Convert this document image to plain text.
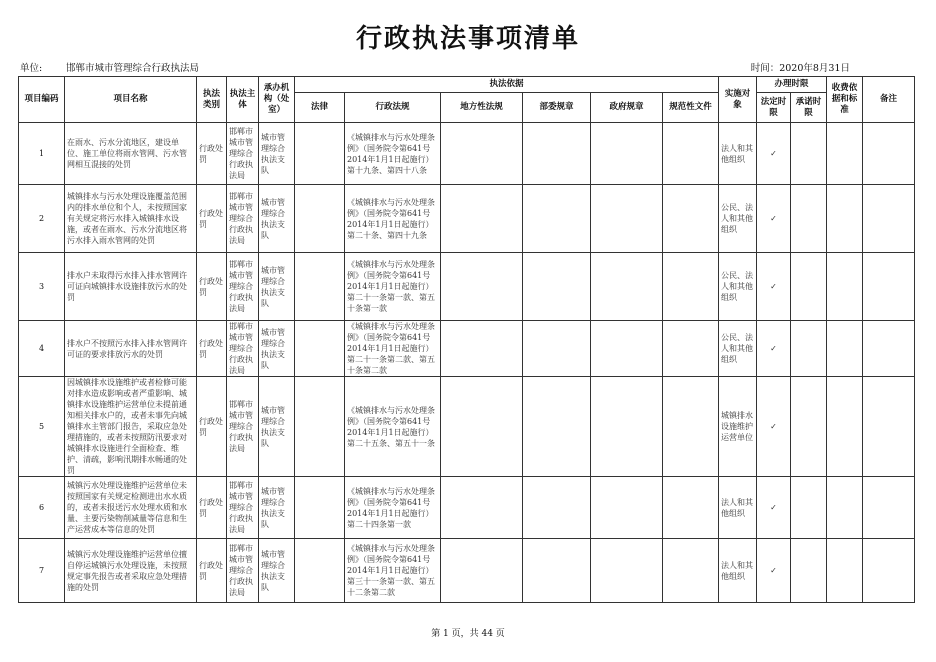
行政执法事项清单
单位:	邯郸市城市管理综合行政执法局	时间：2020年8月31日
项目编码	项目名称	执法类别	执法主体	承办机构（处室）	执法依据						实施对象	办理时限		收费依据和标准	备注
					法律	行政法规	地方性法规	部委规章	政府规章	规范性文件		法定时限	承诺时限		
1	在雨水、污水分流地区，建设单位、施工单位将雨水管网、污水管网相互混接的处罚	行政处罚	邯郸市城市管理综合行政执法局	城市管理综合执法支队		《城镇排水与污水处理条例》（国务院令第641号 2014年1月1日起施行）第十九条、第四十八条					法人和其他组织	✓			
2	城镇排水与污水处理设施覆盖范围内的排水单位和个人，未按照国家有关规定将污水排入城镇排水设施，或者在雨水、污水分流地区将污水排入雨水管网的处罚	行政处罚	邯郸市城市管理综合行政执法局	城市管理综合执法支队		《城镇排水与污水处理条例》（国务院令第641号 2014年1月1日起施行）第二十条、第四十九条					公民、法人和其他组织	✓			
3	排水户未取得污水排入排水管网许可证向城镇排水设施排放污水的处罚	行政处罚	邯郸市城市管理综合行政执法局	城市管理综合执法支队		《城镇排水与污水处理条例》（国务院令第641号 2014年1月1日起施行）第二十一条第一款、第五十条第一款					公民、法人和其他组织	✓			
4	排水户不按照污水排入排水管网许可证的要求排放污水的处罚	行政处罚	邯郸市城市管理综合行政执法局	城市管理综合执法支队		《城镇排水与污水处理条例》（国务院令第641号 2014年1月1日起施行）第二十一条第二款、第五十条第二款					公民、法人和其他组织	✓			
5	因城镇排水设施维护或者检修可能对排水造成影响或者严重影响、城镇排水设施维护运营单位未提前通知相关排水户的，或者未事先向城镇排水主管部门报告，采取应急处理措施的，或者未按照防汛要求对城镇排水设施进行全面检查、维护、清疏，影响汛期排水畅通的处罚	行政处罚	邯郸市城市管理综合行政执法局	城市管理综合执法支队		《城镇排水与污水处理条例》（国务院令第641号 2014年1月1日起施行）第二十五条、第五十一条					城镇排水设施维护运营单位	✓			
6	城镇污水处理设施维护运营单位未按照国家有关规定检测进出水水质的，或者未报送污水处理水质和水量、主要污染物削减量等信息和生产运营成本等信息的处罚	行政处罚	邯郸市城市管理综合行政执法局	城市管理综合执法支队		《城镇排水与污水处理条例》（国务院令第641号 2014年1月1日起施行）第二十四条第一款					法人和其他组织	✓			
7	城镇污水处理设施维护运营单位擅自停运城镇污水处理设施，未按照规定事先报告或者采取应急处理措施的处罚	行政处罚	邯郸市城市管理综合行政执法局	城市管理综合执法支队		《城镇排水与污水处理条例》（国务院令第641号 2014年1月1日起施行）第三十一条第一款、第五十二条第二款					法人和其他组织	✓			
第 1 页，共 44 页
